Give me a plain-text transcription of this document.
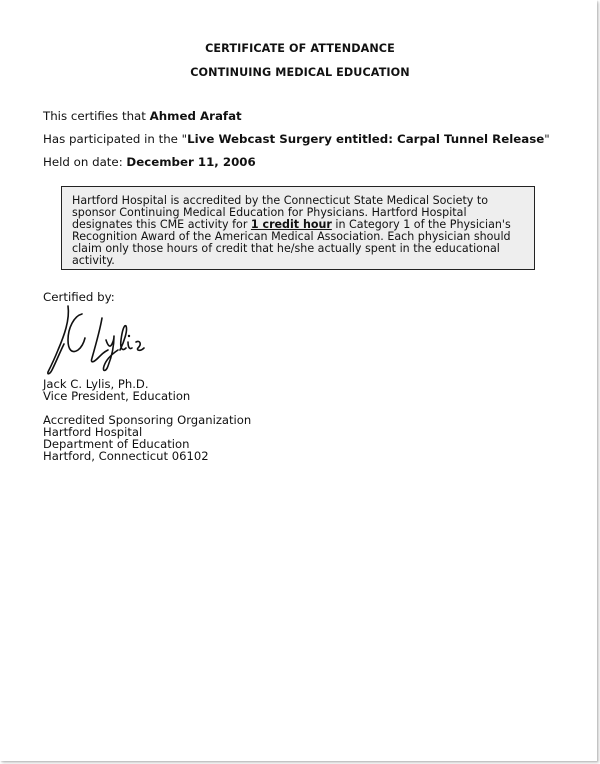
CERTIFICATE OF ATTENDANCE
CONTINUING MEDICAL EDUCATION
This certifies that Ahmed Arafat
Has participated in the "Live Webcast Surgery entitled: Carpal Tunnel Release"
Held on date: December 11, 2006
Hartford Hospital is accredited by the Connecticut State Medical Society to sponsor Continuing Medical Education for Physicians. Hartford Hospital designates this CME activity for 1 credit hour in Category 1 of the Physician's Recognition Award of the American Medical Association. Each physician should claim only those hours of credit that he/she actually spent in the educational activity.
Certified by:
Jack C. Lylis, Ph.D.
Vice President, Education
Accredited Sponsoring Organization
Hartford Hospital
Department of Education
Hartford, Connecticut 06102
